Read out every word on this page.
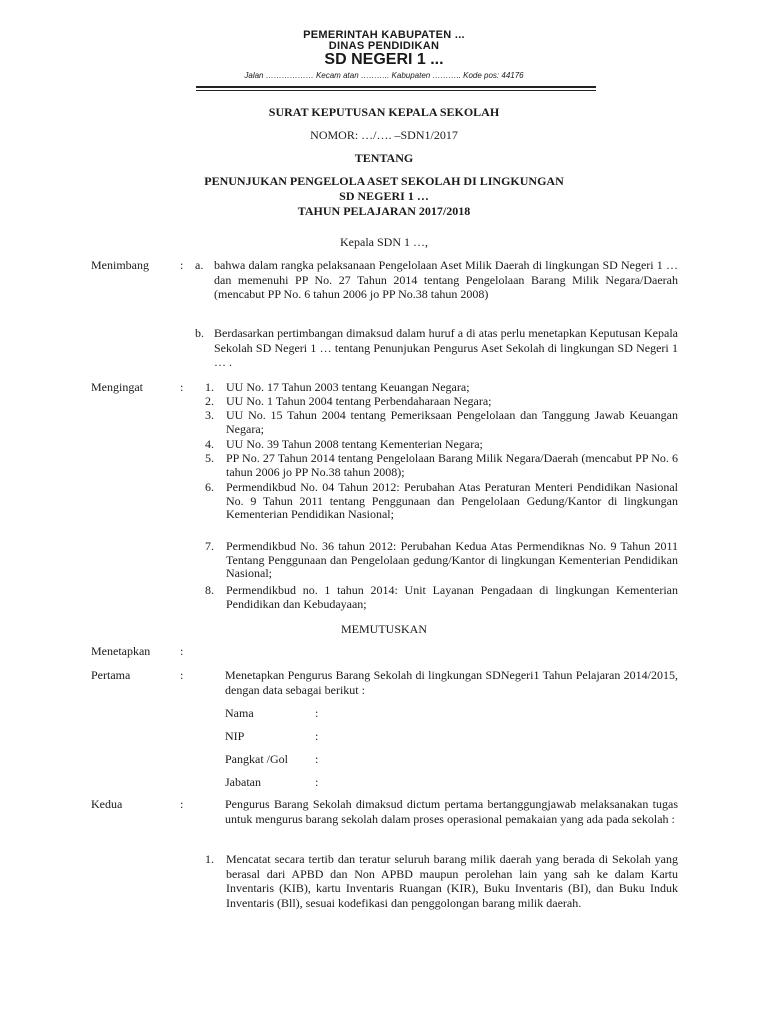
PEMERINTAH KABUPATEN ...
DINAS PENDIDIKAN
SD NEGERI 1 ...
Jalan ……………… Kecam atan ……….. Kabupaten ……….. Kode pos: 44176
SURAT KEPUTUSAN KEPALA SEKOLAH
NOMOR: …/…. –SDN1/2017
TENTANG
PENUNJUKAN PENGELOLA ASET SEKOLAH DI LINGKUNGAN
SD NEGERI 1 …
TAHUN PELAJARAN 2017/2018
Kepala SDN 1 …,
Menimbang	: a. bahwa dalam rangka pelaksanaan Pengelolaan Aset Milik Daerah di lingkungan SD Negeri 1 … dan memenuhi PP No. 27 Tahun 2014 tentang Pengelolaan Barang Milik Negara/Daerah (mencabut PP No. 6 tahun 2006 jo PP No.38 tahun 2008)
b. Berdasarkan pertimbangan dimaksud dalam huruf a di atas perlu menetapkan Keputusan Kepala Sekolah SD Negeri 1 … tentang Penunjukan Pengurus Aset Sekolah di lingkungan SD Negeri 1 … .
Mengingat	:	1. UU No. 17 Tahun 2003 tentang Keuangan Negara;
2. UU No. 1 Tahun 2004 tentang Perbendaharaan Negara;
3. UU No. 15 Tahun 2004 tentang Pemeriksaan Pengelolaan dan Tanggung Jawab Keuangan Negara;
4. UU No. 39 Tahun 2008 tentang Kementerian Negara;
5. PP No. 27 Tahun 2014 tentang Pengelolaan Barang Milik Negara/Daerah (mencabut PP No. 6 tahun 2006 jo PP No.38 tahun 2008);
6. Permendikbud No. 04 Tahun 2012: Perubahan Atas Peraturan Menteri Pendidikan Nasional No. 9 Tahun 2011 tentang Penggunaan dan Pengelolaan Gedung/Kantor di lingkungan Kementerian Pendidikan Nasional;
7. Permendikbud No. 36 tahun 2012: Perubahan Kedua Atas Permendiknas No. 9 Tahun 2011 Tentang Penggunaan dan Pengelolaan gedung/Kantor di lingkungan Kementerian Pendidikan Nasional;
8. Permendikbud no. 1 tahun 2014: Unit Layanan Pengadaan di lingkungan Kementerian Pendidikan dan Kebudayaan;
MEMUTUSKAN
Menetapkan :
Pertama	:	Menetapkan Pengurus Barang Sekolah di lingkungan SDNegeri1 Tahun Pelajaran 2014/2015, dengan data sebagai berikut :
Nama	:
NIP	:
Pangkat /Gol :
Jabatan	:
Kedua	:	Pengurus Barang Sekolah dimaksud dictum pertama bertanggungjawab melaksanakan tugas untuk mengurus barang sekolah dalam proses operasional pemakaian yang ada pada sekolah :
1. Mencatat secara tertib dan teratur seluruh barang milik daerah yang berada di Sekolah yang berasal dari APBD dan Non APBD maupun perolehan lain yang sah ke dalam Kartu Inventaris (KIB), kartu Inventaris Ruangan (KIR), Buku Inventaris (BI), dan Buku Induk Inventaris (Bll), sesuai kodefikasi dan penggolongan barang milik daerah.
